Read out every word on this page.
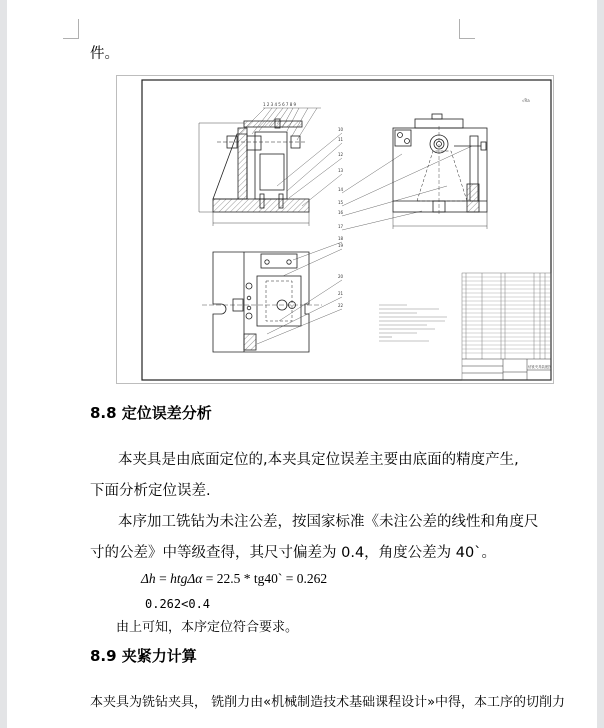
件。
1 2 3 4 5 6 7 8 9
10
11
12
13
14
15
16
17
18
19
20
21
22
钻铣夹具装配图
√Ra
8.8 定位误差分析
本夹具是由底面定位的,本夹具定位误差主要由底面的精度产生,
下面分析定位误差.
本序加工铣钻为未注公差，按国家标准《未注公差的线性和角度尺
寸的公差》中等级查得，其尺寸偏差为 0.4，角度公差为 40`。
Δh = htgΔα = 22.5 * tg40` = 0.262
0.262<0.4
由上可知，本序定位符合要求。
8.9 夹紧力计算
本夹具为铣钻夹具， 铣削力由«机械制造技术基础课程设计»中得，本工序的切削力
